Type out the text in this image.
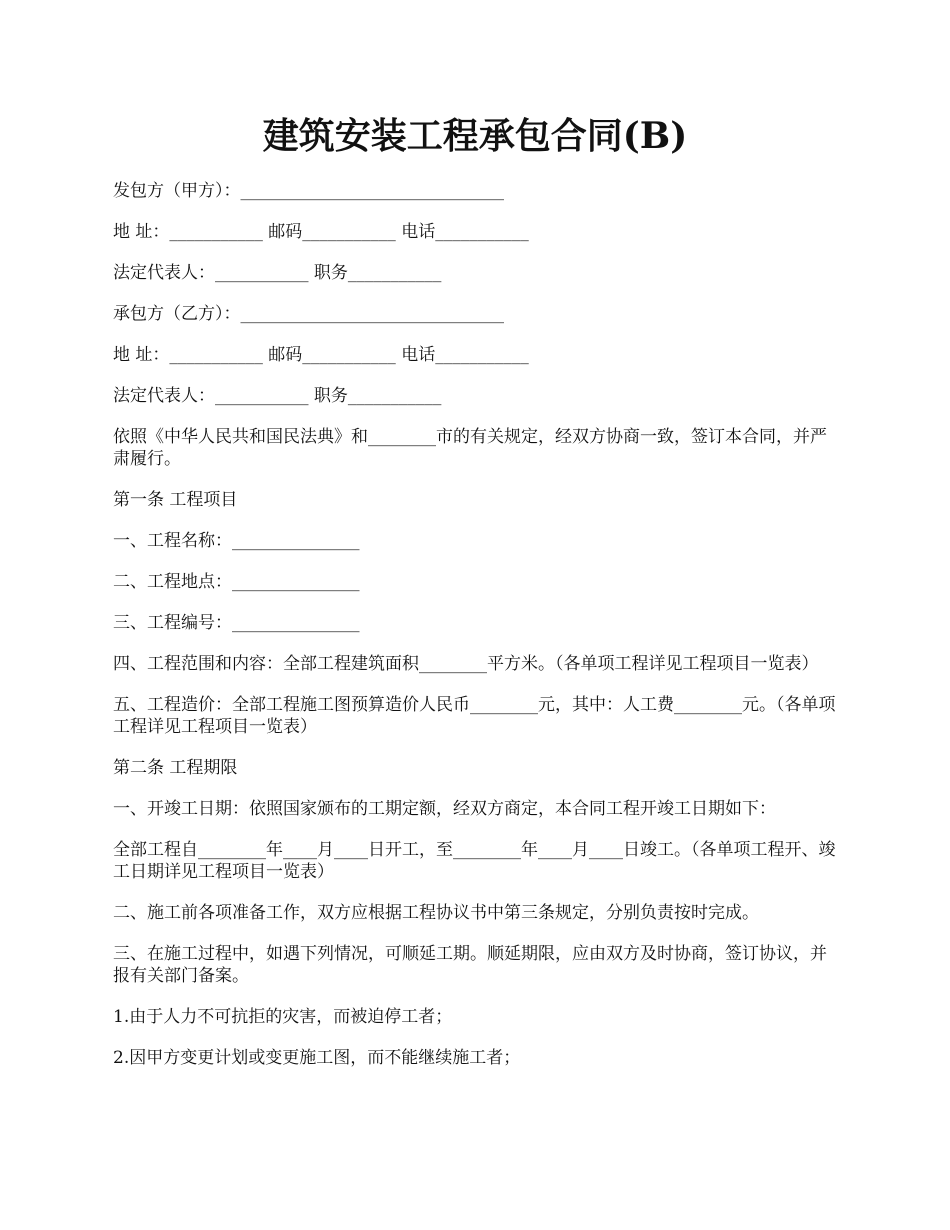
建筑安装工程承包合同(B)

发包方（甲方）：_______________________________

地 址：___________ 邮码___________ 电话___________

法定代表人：___________ 职务___________

承包方（乙方）：_______________________________

地 址：___________ 邮码___________ 电话___________

法定代表人：___________ 职务___________

依照《中华人民共和国民法典》和________市的有关规定，经双方协商一致，签订本合同，并严肃履行。

第一条 工程项目

一、工程名称：_______________

二、工程地点：_______________

三、工程编号：_______________

四、工程范围和内容：全部工程建筑面积________平方米。（各单项工程详见工程项目一览表）

五、工程造价：全部工程施工图预算造价人民币________元，其中：人工费________元。（各单项工程详见工程项目一览表）

第二条 工程期限

一、开竣工日期：依照国家颁布的工期定额，经双方商定，本合同工程开竣工日期如下：

全部工程自________年____月____日开工，至________年____月____日竣工。（各单项工程开、竣工日期详见工程项目一览表）

二、施工前各项准备工作，双方应根据工程协议书中第三条规定，分别负责按时完成。

三、在施工过程中，如遇下列情况，可顺延工期。顺延期限，应由双方及时协商，签订协议，并报有关部门备案。

1.由于人力不可抗拒的灾害，而被迫停工者；

2.因甲方变更计划或变更施工图，而不能继续施工者；
